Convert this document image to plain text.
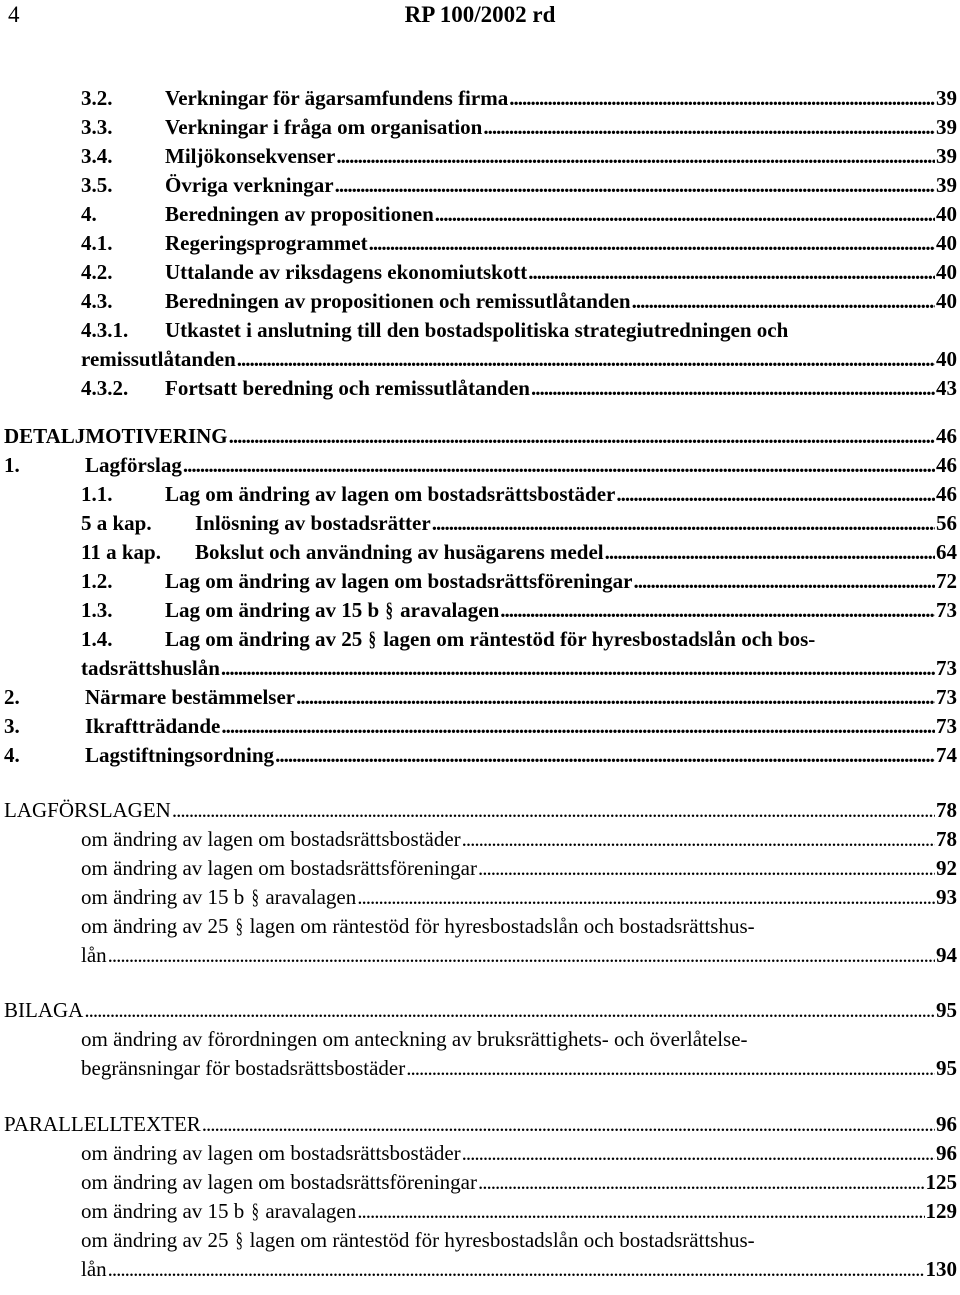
4	RP 100/2002 rd
3.2.	Verkningar för ägarsamfundens firma .....	39
3.3.	Verkningar i fråga om organisation .....	39
3.4.	Miljökonsekvenser .....	39
3.5.	Övriga verkningar .....	39
4.	Beredningen av propositionen .....	40
4.1.	Regeringsprogrammet .....	40
4.2.	Uttalande av riksdagens ekonomiutskott .....	40
4.3.	Beredningen av propositionen och remissutlåtanden .....	40
4.3.1. Utkastet i anslutning till den bostadspolitiska strategiutredningen och
remissutlåtanden .....	40
4.3.2.	Fortsatt beredning och remissutlåtanden .....	43
DETALJMOTIVERING .....	46
1.	Lagförslag .....	46
1.1.	Lag om ändring av lagen om bostadsrättsbostäder .....	46
5 a kap.	Inlösning av bostadsrätter .....	56
11 a kap.	Bokslut och användning av husägarens medel .....	64
1.2.	Lag om ändring av lagen om bostadsrättsföreningar .....	72
1.3.	Lag om ändring av 15 b § aravalagen .....	73
1.4.	Lag om ändring av 25 § lagen om räntestöd för hyresbostadslån och bos-
tadsrättshuslån .....	73
2.	Närmare bestämmelser .....	73
3.	Ikraftträdande .....	73
4.	Lagstiftningsordning .....	74
LAGFÖRSLAGEN .....	78
om ändring av lagen om bostadsrättsbostäder .....	78
om ändring av lagen om bostadsrättsföreningar .....	92
om ändring av 15 b § aravalagen .....	93
om ändring av 25 § lagen om räntestöd för hyresbostadslån och bostadsrättshus-
lån .....	94
BILAGA .....	95
om ändring av förordningen om anteckning av bruksrättighets- och överlåtelse-
begränsningar för bostadsrättsbostäder .....	95
PARALLELLTEXTER .....	96
om ändring av lagen om bostadsrättsbostäder .....	96
om ändring av lagen om bostadsrättsföreningar .....	125
om ändring av 15 b § aravalagen .....	129
om ändring av 25 § lagen om räntestöd för hyresbostadslån och bostadsrättshus-
lån .....	130
